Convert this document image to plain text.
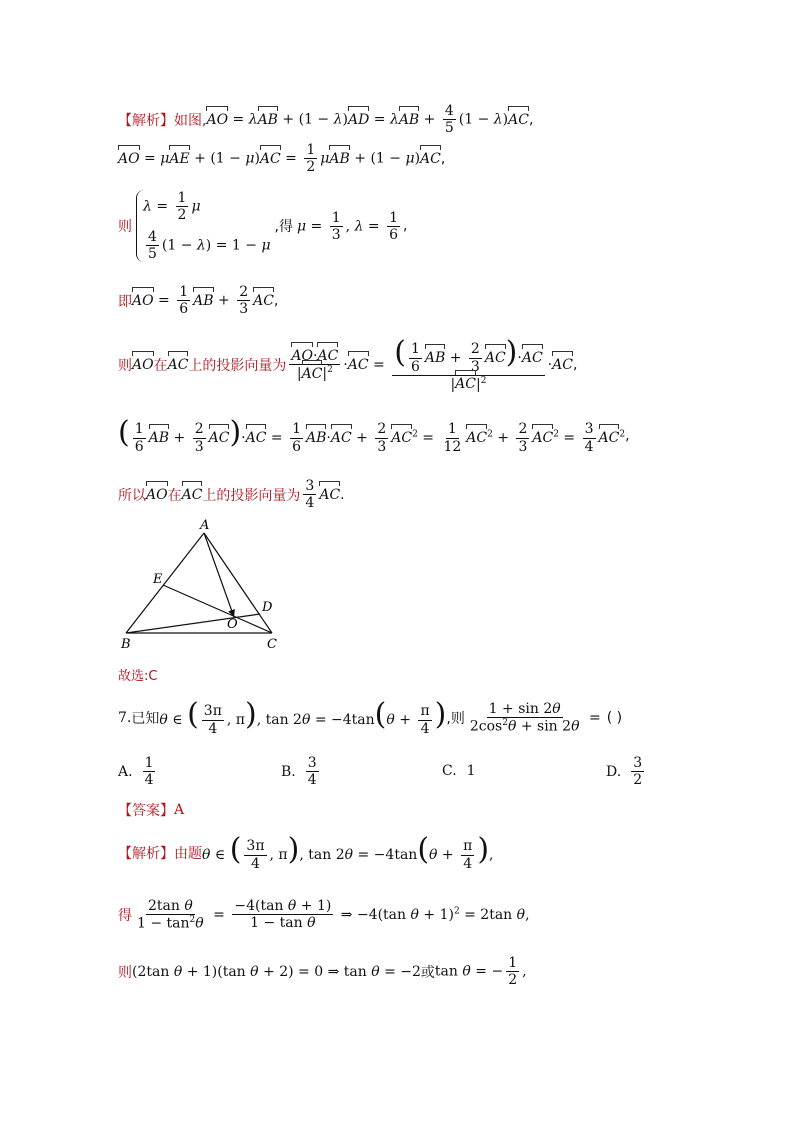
【解析】 如图, AO = $\lambda AB + (1 - \lambda)AD = \lambda AB + \frac{4}{5} (1 - \lambda)AC$ ,
AO = $\mu AE + (1 - \mu)AC = \frac{1}{2}$ μAB + (1 − μ)AC ,
则
$\lambda = \frac{1}{2}$ μ
$\frac{4}{5} (1 - \lambda) = 1 - \mu$
,得 $\mu = \frac{1}{3}$ , $\lambda = \frac{1}{6}$ ,
即 AO = $\frac{1}{6}$ AB + $\frac{2}{3}$ AC ,
则 AO 在 AC 上的投影向量为 $\frac{AO\cdot AC}{|AC|^2} \cdot AC = \frac{( \frac{1}{6} AB + \frac{2}{3} AC)\cdot AC}{|AC|^2} \cdot AC$ ,
( $\frac{1}{6}$ AB + $\frac{2}{3} AC)\cdot AC = \frac{1}{6} AB\cdot AC + \frac{2}{3} AC^2 = \frac{1}{12} AC^2 + \frac{2}{3} AC^2 = \frac{3}{4} AC^2$ ,
所以 AO 在 AC 上的投影向量为 $\frac{3}{4}$ AC .
A
E
D
O
B	C
故选:C
7. 已知 θ ∈ ( $\frac{3\pi}{4}$ , π), $\tan 2\theta = -4\tan(\theta + \frac{\pi}{4}$ ) ,则 $\frac{1 + \sin 2\theta}{2\cos^2\theta + \sin 2\theta}$ = ( )
A. $\frac{1}{4}$	B. $\frac{3}{4}$	C. 1	D. $\frac{3}{2}$
【答案】 A
【解析】 由题 θ ∈ ( $\frac{3\pi}{4}$ , π), $\tan 2\theta = -4\tan(\theta + \frac{\pi}{4}$ ),
得 $\frac{\text{2tan θ}}{1 - \tan^2\theta} = \frac{\text{−4(tan θ + 1)}}{\text{1 − tan θ}}$ ⇒ −4(tan θ + 1)$^2$ = 2tan θ,
则 (2tan θ + 1)(tan θ + 2) = 0 ⇒ tan θ = −2 或 tan θ = − $\frac{1}{2}$ ,
